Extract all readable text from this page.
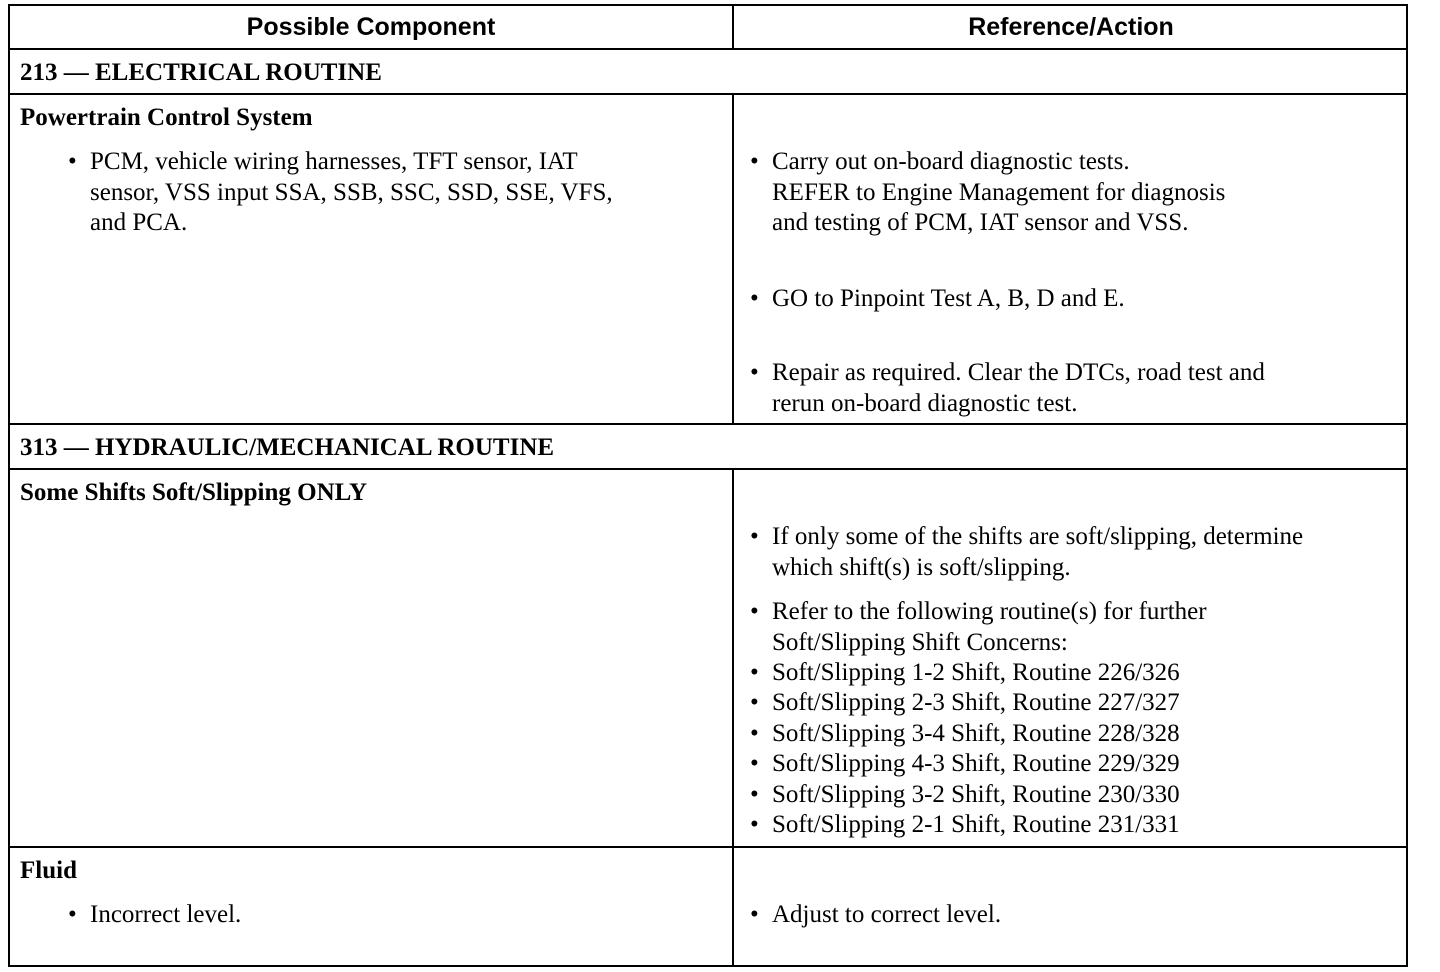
Possible Component	Reference/Action
213 — ELECTRICAL ROUTINE
Powertrain Control System
• PCM, vehicle wiring harnesses, TFT sensor, IAT
sensor, VSS input SSA, SSB, SSC, SSD, SSE, VFS,
and PCA.
• Carry out on-board diagnostic tests.
REFER to Engine Management for diagnosis
and testing of PCM, IAT sensor and VSS.
• GO to Pinpoint Test A, B, D and E.
• Repair as required. Clear the DTCs, road test and
rerun on-board diagnostic test.
313 — HYDRAULIC/MECHANICAL ROUTINE
Some Shifts Soft/Slipping ONLY
• If only some of the shifts are soft/slipping, determine
which shift(s) is soft/slipping.
• Refer to the following routine(s) for further
Soft/Slipping Shift Concerns:
• Soft/Slipping 1-2 Shift, Routine 226/326
• Soft/Slipping 2-3 Shift, Routine 227/327
• Soft/Slipping 3-4 Shift, Routine 228/328
• Soft/Slipping 4-3 Shift, Routine 229/329
• Soft/Slipping 3-2 Shift, Routine 230/330
• Soft/Slipping 2-1 Shift, Routine 231/331
Fluid
• Incorrect level.	• Adjust to correct level.
